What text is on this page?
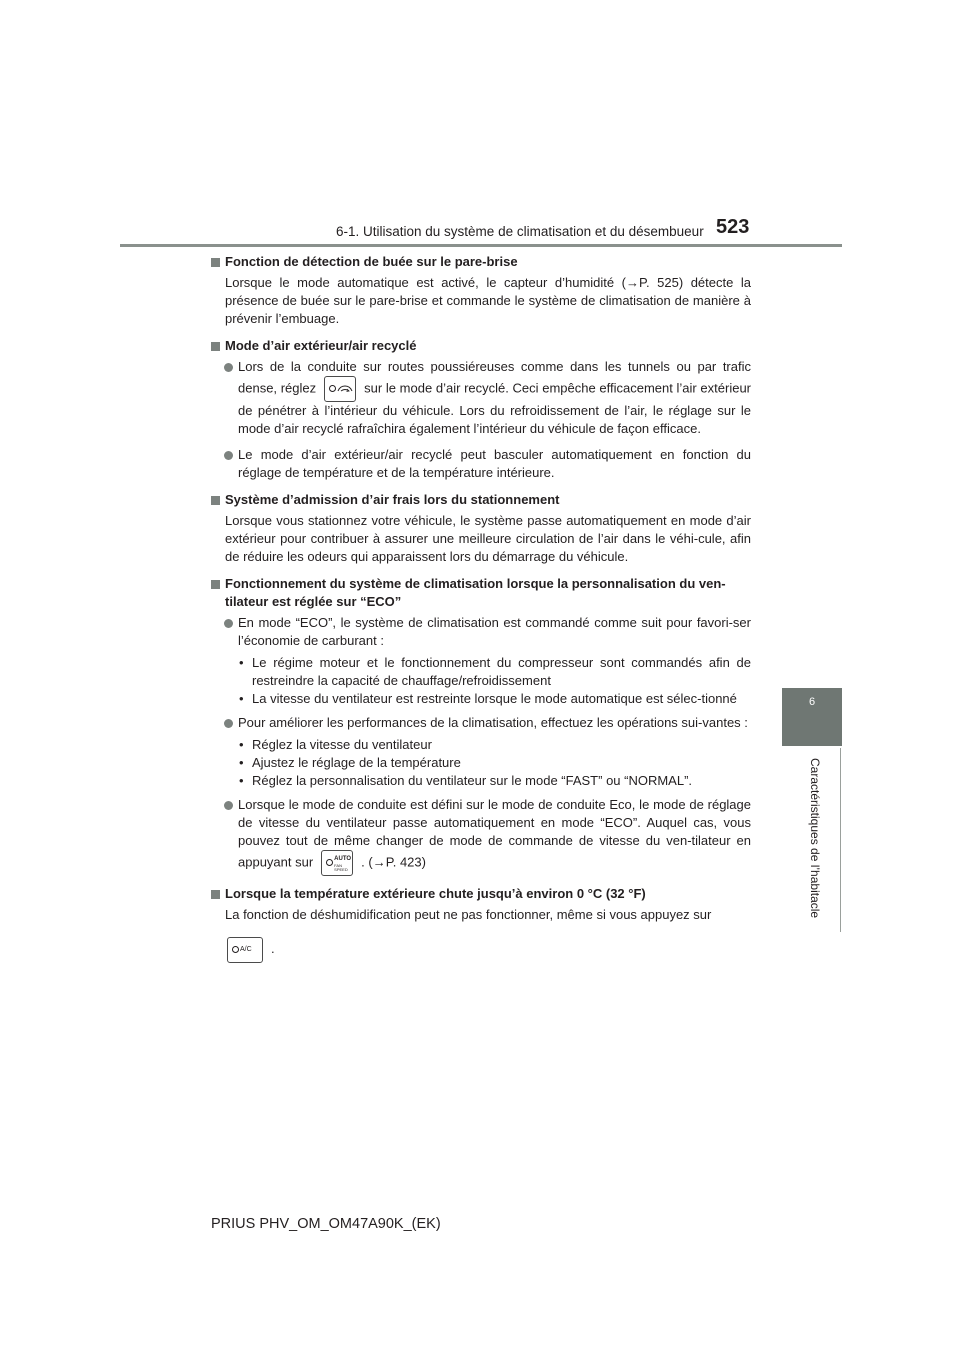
6-1. Utilisation du système de climatisation et du désembueur 523
6
Caractéristiques de l’habitacle
Fonction de détection de buée sur le pare-brise
Lorsque le mode automatique est activé, le capteur d’humidité (→P. 525) détecte la présence de buée sur le pare-brise et commande le système de climatisation de manière à prévenir l’embuage.
Mode d’air extérieur/air recyclé
Lors de la conduite sur routes poussiéreuses comme dans les tunnels ou par trafic dense, réglez	sur le mode d’air recyclé. Ceci empêche efficacement l’air extérieur de pénétrer à l’intérieur du véhicule. Lors du refroidissement de l’air, le réglage sur le mode d’air recyclé rafraîchira également l’intérieur du véhicule de façon efficace.
Le mode d’air extérieur/air recyclé peut basculer automatiquement en fonction du réglage de température et de la température intérieure.
Système d’admission d’air frais lors du stationnement
Lorsque vous stationnez votre véhicule, le système passe automatiquement en mode d’air extérieur pour contribuer à assurer une meilleure circulation de l’air dans le véhi-cule, afin de réduire les odeurs qui apparaissent lors du démarrage du véhicule.
Fonctionnement du système de climatisation lorsque la personnalisation du ven-tilateur est réglée sur “ECO”
En mode “ECO”, le système de climatisation est commandé comme suit pour favori-ser l’économie de carburant :
• Le régime moteur et le fonctionnement du compresseur sont commandés afin de restreindre la capacité de chauffage/refroidissement
• La vitesse du ventilateur est restreinte lorsque le mode automatique est sélec-tionné
Pour améliorer les performances de la climatisation, effectuez les opérations sui-vantes :
• Réglez la vitesse du ventilateur
• Ajustez le réglage de la température
• Réglez la personnalisation du ventilateur sur le mode “FAST” ou “NORMAL”.
Lorsque le mode de conduite est défini sur le mode de conduite Eco, le mode de réglage de vitesse du ventilateur passe automatiquement en mode “ECO”. Auquel cas, vous pouvez tout de même changer de mode de commande de vitesse du ven-tilateur en appuyant sur	AUTO
FAN SPEED
. (→P. 423)
Lorsque la température extérieure chute jusqu’à environ 0 °C (32 °F)
La fonction de déshumidification peut ne pas fonctionner, même si vous appuyez sur
A/C .
PRIUS PHV_OM_OM47A90K_(EK)
